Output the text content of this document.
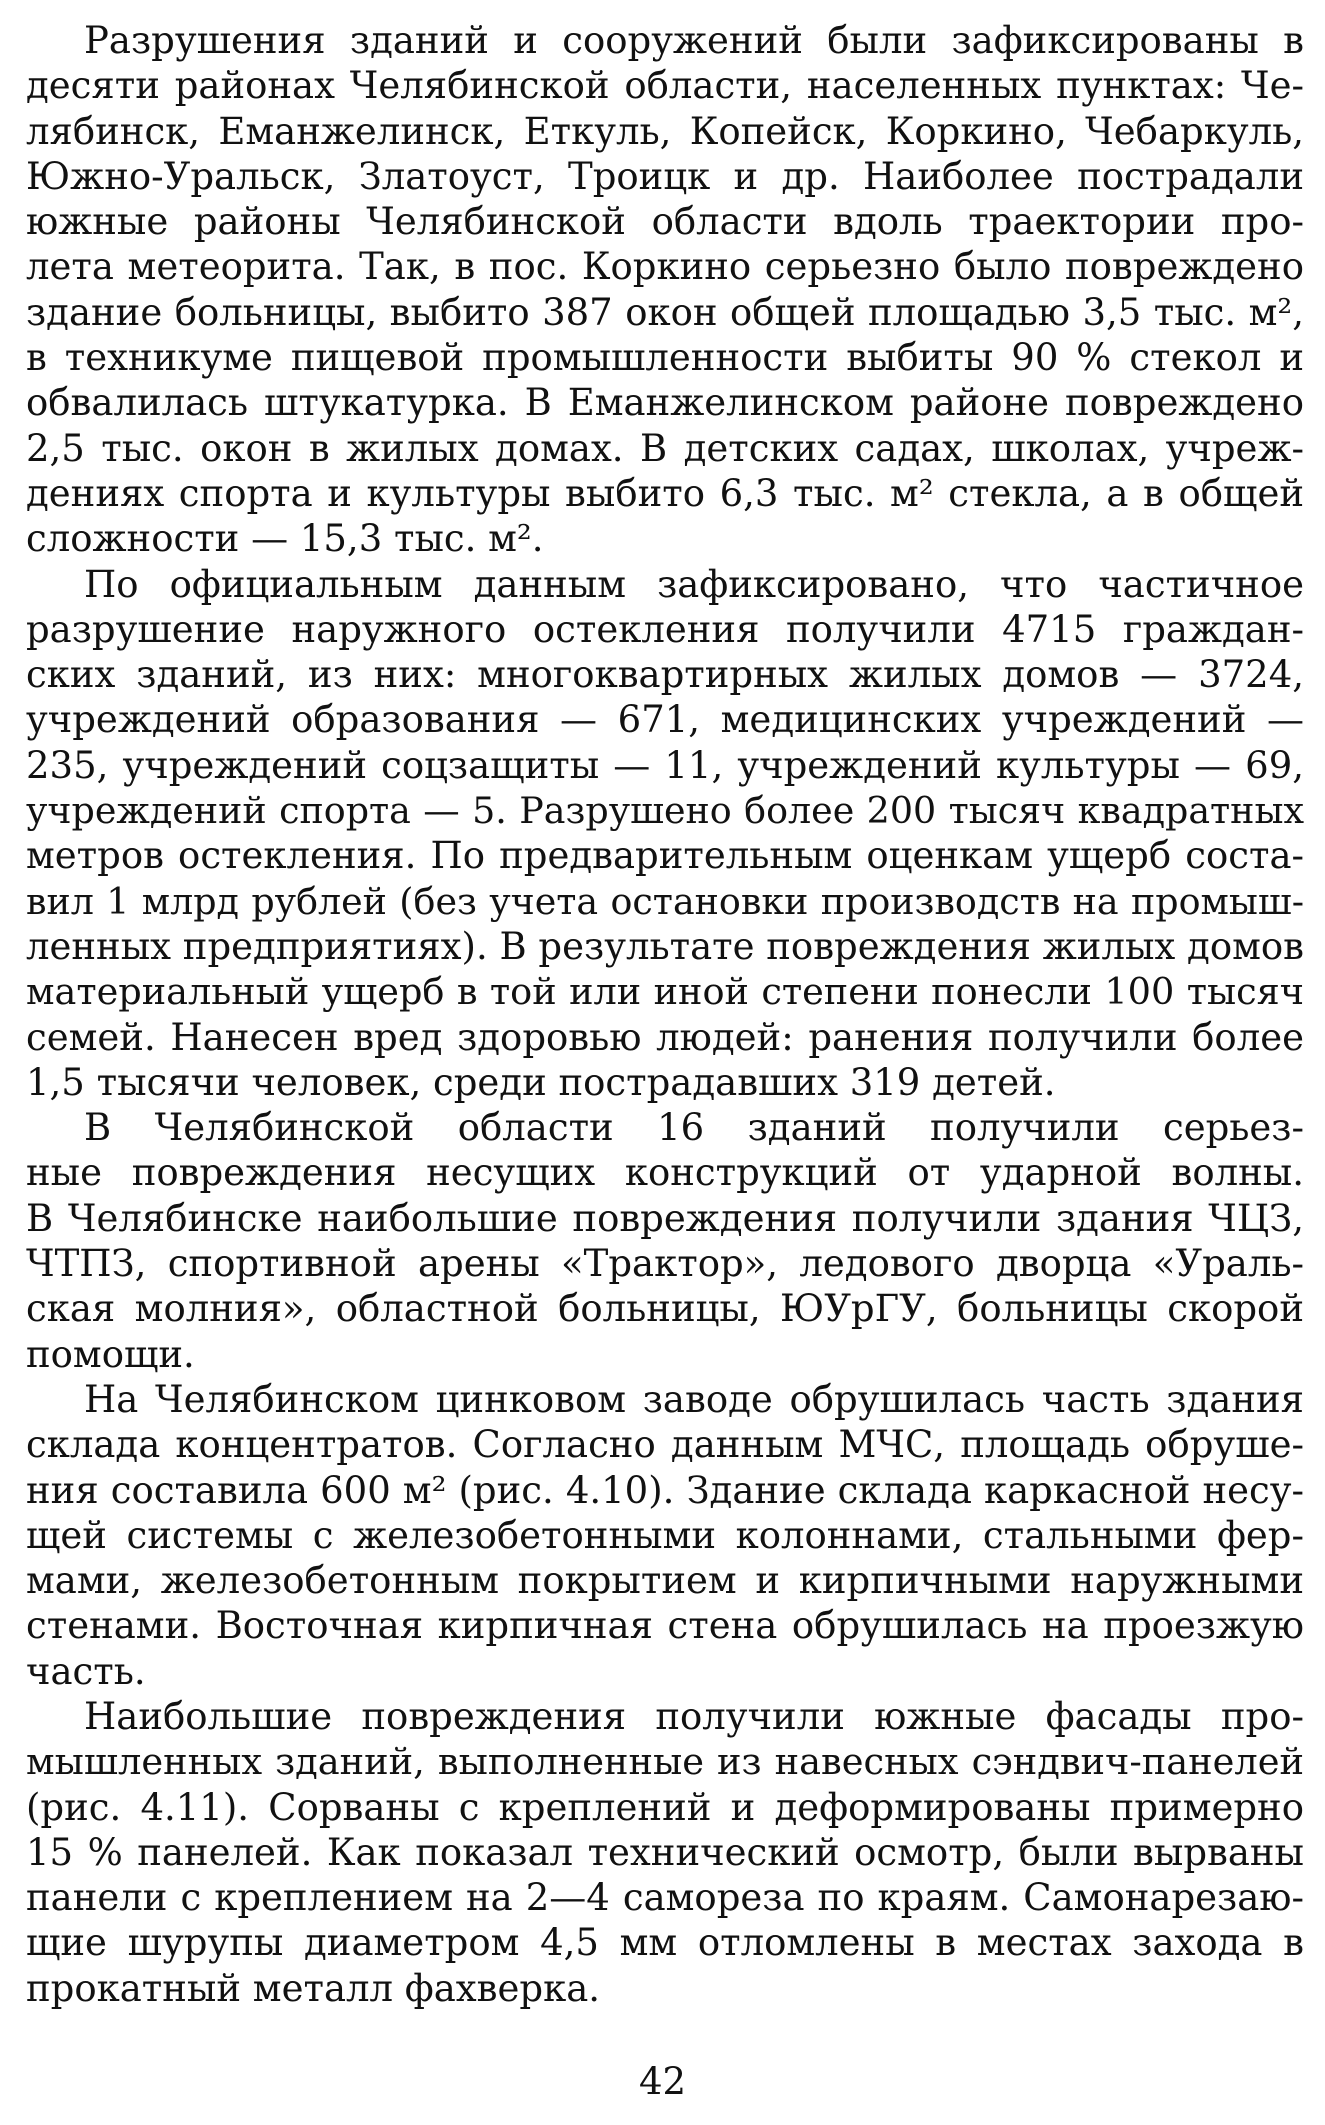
Разрушения зданий и сооружений были зафиксированы в
десяти районах Челябинской области, населенных пунктах: Че-
лябинск, Еманжелинск, Еткуль, Копейск, Коркино, Чебаркуль,
Южно-Уральск, Златоуст, Троицк и др. Наиболее пострадали
южные районы Челябинской области вдоль траектории про-
лета метеорита. Так, в пос. Коркино серьезно было повреждено
здание больницы, выбито 387 окон общей площадью 3,5 тыс. м²,
в техникуме пищевой промышленности выбиты 90 % стекол и
обвалилась штукатурка. В Еманжелинском районе повреждено
2,5 тыс. окон в жилых домах. В детских садах, школах, учреж-
дениях спорта и культуры выбито 6,3 тыс. м² стекла, а в общей
сложности — 15,3 тыс. м².
По официальным данным зафиксировано, что частичное
разрушение наружного остекления получили 4715 граждан-
ских зданий, из них: многоквартирных жилых домов — 3724,
учреждений образования — 671, медицинских учреждений —
235, учреждений соцзащиты — 11, учреждений культуры — 69,
учреждений спорта — 5. Разрушено более 200 тысяч квадратных
метров остекления. По предварительным оценкам ущерб соста-
вил 1 млрд рублей (без учета остановки производств на промыш-
ленных предприятиях). В результате повреждения жилых домов
материальный ущерб в той или иной степени понесли 100 тысяч
семей. Нанесен вред здоровью людей: ранения получили более
1,5 тысячи человек, среди пострадавших 319 детей.
В Челябинской области 16 зданий получили серьез-
ные повреждения несущих конструкций от ударной волны.
В Челябинске наибольшие повреждения получили здания ЧЦЗ,
ЧТПЗ, спортивной арены «Трактор», ледового дворца «Ураль-
ская молния», областной больницы, ЮУрГУ, больницы скорой
помощи.
На Челябинском цинковом заводе обрушилась часть здания
склада концентратов. Согласно данным МЧС, площадь обруше-
ния составила 600 м² (рис. 4.10). Здание склада каркасной несу-
щей системы с железобетонными колоннами, стальными фер-
мами, железобетонным покрытием и кирпичными наружными
стенами. Восточная кирпичная стена обрушилась на проезжую
часть.
Наибольшие повреждения получили южные фасады про-
мышленных зданий, выполненные из навесных сэндвич-панелей
(рис. 4.11). Сорваны с креплений и деформированы примерно
15 % панелей. Как показал технический осмотр, были вырваны
панели с креплением на 2—4 самореза по краям. Самонарезаю-
щие шурупы диаметром 4,5 мм отломлены в местах захода в
прокатный металл фахверка.
42
